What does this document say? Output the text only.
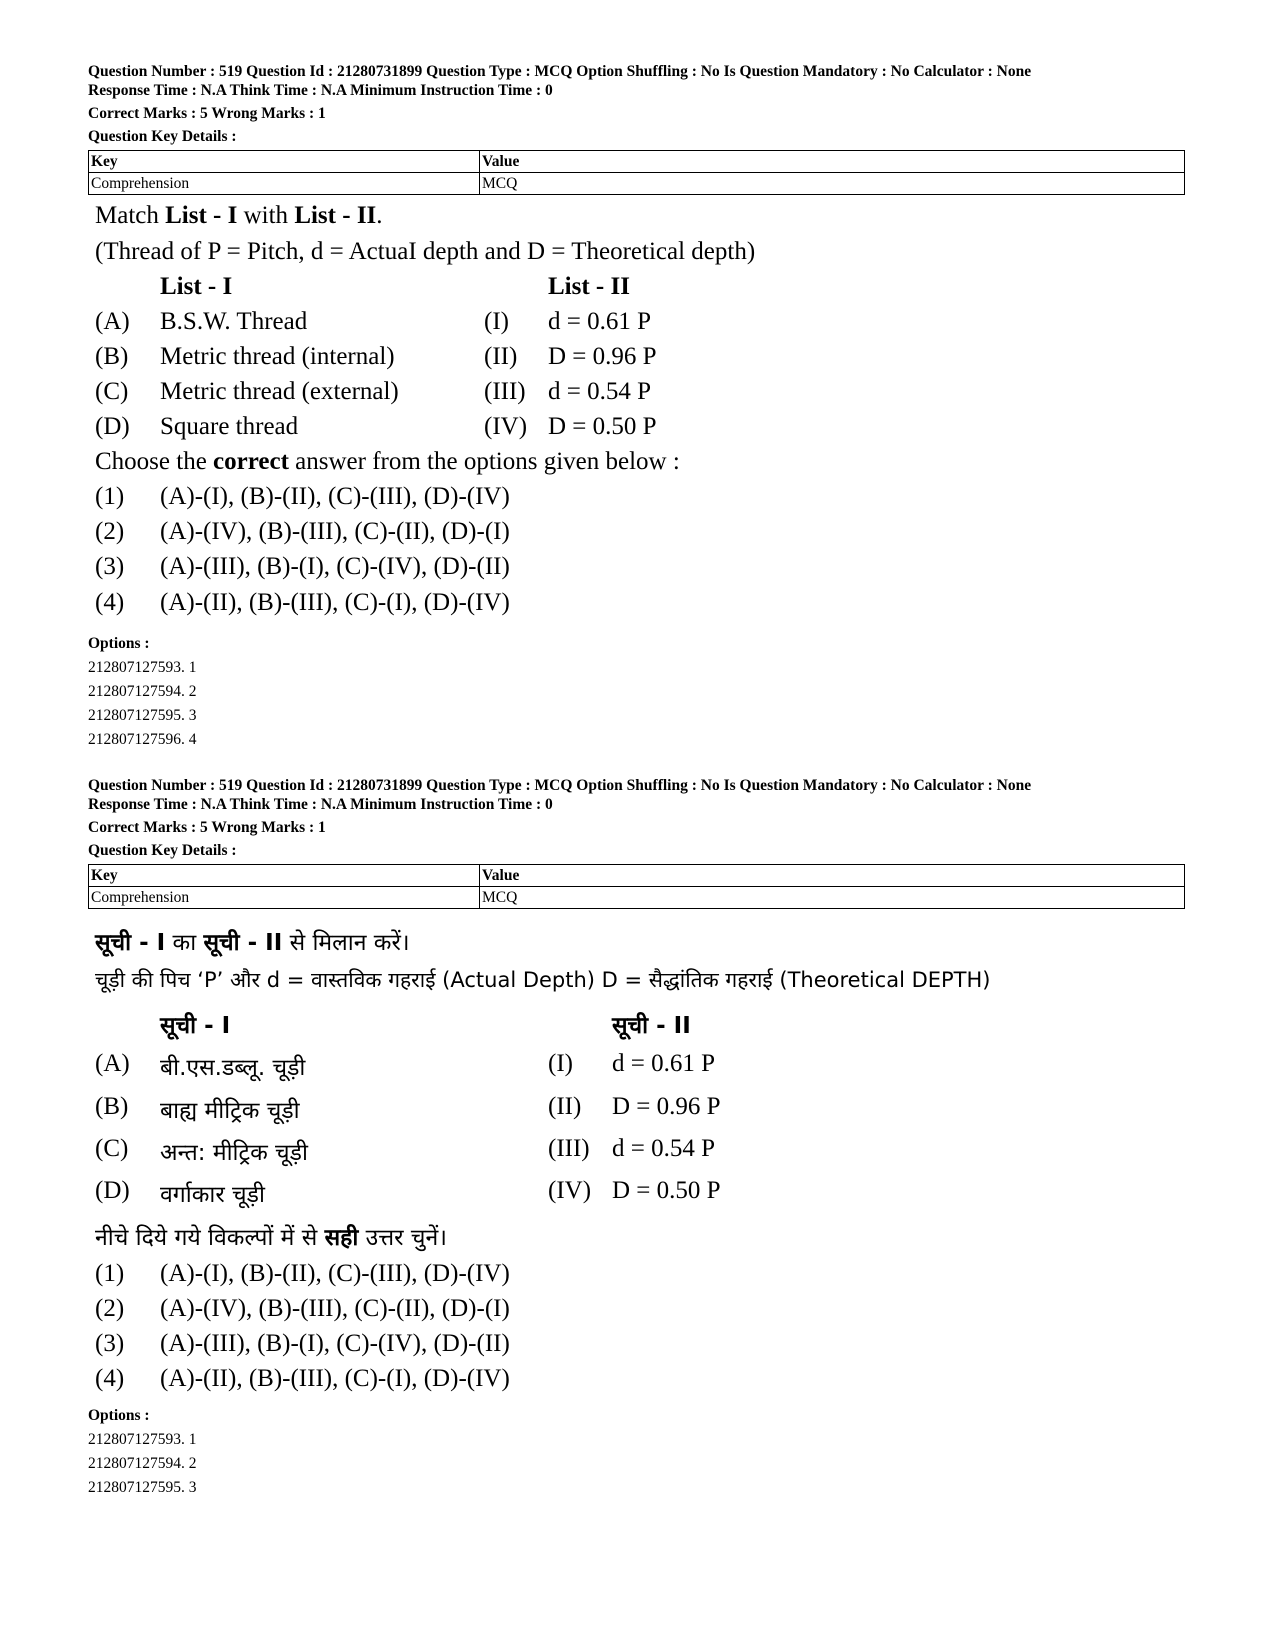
Question Number : 519 Question Id : 21280731899 Question Type : MCQ Option Shuffling : No Is Question Mandatory : No Calculator : None

Response Time : N.A Think Time : N.A Minimum Instruction Time : 0

Correct Marks : 5 Wrong Marks : 1

Question Key Details :

Key	Value
Comprehension	MCQ
Match List - I with List - II.
(Thread of P = Pitch, d = ActuaI depth and D = Theoretical depth)
List - I	List - II
(A) B.S.W. Thread	(I) d = 0.61 P
(B) Metric thread (internal)	(II) D = 0.96 P
(C) Metric thread (external)	(III) d = 0.54 P
(D) Square thread	(IV) D = 0.50 P
Choose the correct answer from the options given below :
(1) (A)-(I), (B)-(II), (C)-(III), (D)-(IV)
(2) (A)-(IV), (B)-(III), (C)-(II), (D)-(I)
(3) (A)-(III), (B)-(I), (C)-(IV), (D)-(II)
(4) (A)-(II), (B)-(III), (C)-(I), (D)-(IV)
Options :
212807127593. 1
212807127594. 2
212807127595. 3
212807127596. 4

Question Number : 519 Question Id : 21280731899 Question Type : MCQ Option Shuffling : No Is Question Mandatory : No Calculator : None

Response Time : N.A Think Time : N.A Minimum Instruction Time : 0

Correct Marks : 5 Wrong Marks : 1

Question Key Details :

Key	Value
Comprehension	MCQ
सूची - I का सूची - II से मिलान करें।
चूड़ी की पिच ‘P’ और d = वास्तविक गहराई (Actual Depth) D = सैद्धांतिक गहराई (Theoretical DEPTH)
सूची - I	सूची - II
(A) बी.एस.डब्लू. चूड़ी	(I) d = 0.61 P
(B) बाह्य मीट्रिक चूड़ी	(II) D = 0.96 P
(C) अन्त: मीट्रिक चूड़ी	(III) d = 0.54 P
(D) वर्गाकार चूड़ी	(IV) D = 0.50 P
नीचे दिये गये विकल्पों में से सही उत्तर चुनें।
(1) (A)-(I), (B)-(II), (C)-(III), (D)-(IV)
(2) (A)-(IV), (B)-(III), (C)-(II), (D)-(I)
(3) (A)-(III), (B)-(I), (C)-(IV), (D)-(II)
(4) (A)-(II), (B)-(III), (C)-(I), (D)-(IV)
Options :
212807127593. 1
212807127594. 2
212807127595. 3
